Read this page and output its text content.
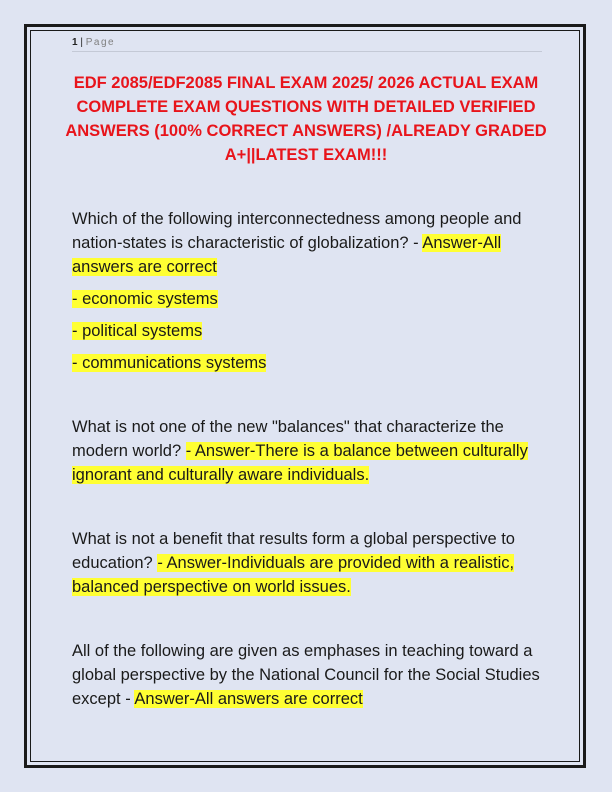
1 | Page
EDF 2085/EDF2085 FINAL EXAM 2025/ 2026 ACTUAL EXAM COMPLETE EXAM QUESTIONS WITH DETAILED VERIFIED ANSWERS (100% CORRECT ANSWERS) /ALREADY GRADED A+||LATEST EXAM!!!

Which of the following interconnectedness among people and nation-states is characteristic of globalization? - Answer-All answers are correct

- economic systems

- political systems

- communications systems

What is not one of the new "balances" that characterize the modern world? - Answer-There is a balance between culturally ignorant and culturally aware individuals.

What is not a benefit that results form a global perspective to education? - Answer-Individuals are provided with a realistic, balanced perspective on world issues.

All of the following are given as emphases in teaching toward a global perspective by the National Council for the Social Studies except - Answer-All answers are correct
